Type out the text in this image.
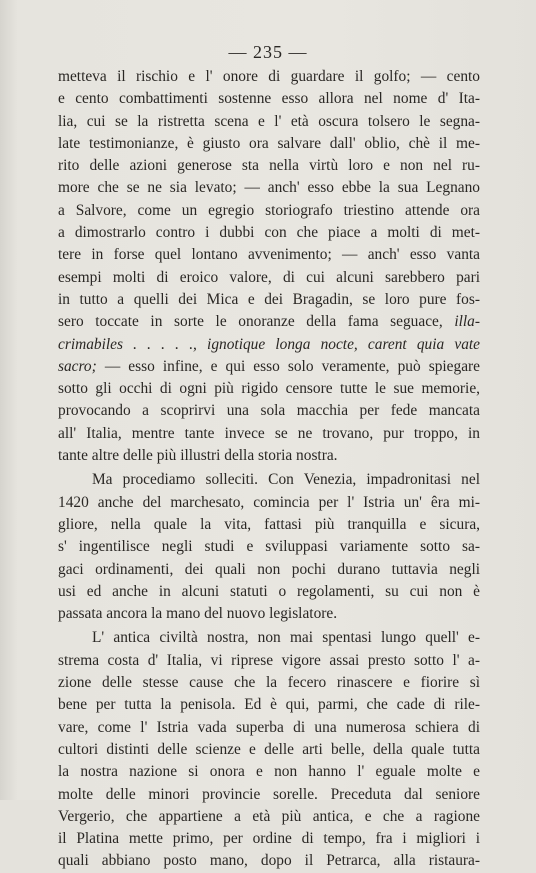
— 235 —
metteva il rischio e l' onore di guardare il golfo; — cento
e cento combattimenti sostenne esso allora nel nome d' Ita-
lia, cui se la ristretta scena e l' età oscura tolsero le segna-
late testimonianze, è giusto ora salvare dall' oblio, chè il me-
rito delle azioni generose sta nella virtù loro e non nel ru-
more che se ne sia levato; — anch' esso ebbe la sua Legnano
a Salvore, come un egregio storiografo triestino attende ora
a dimostrarlo contro i dubbi con che piace a molti di met-
tere in forse quel lontano avvenimento; — anch' esso vanta
esempi molti di eroico valore, di cui alcuni sarebbero pari
in tutto a quelli dei Mica e dei Bragadin, se loro pure fos-
sero toccate in sorte le onoranze della fama seguace, illa-
crimabiles . . . . ., ignotique longa nocte, carent quia vate
sacro; — esso infine, e qui esso solo veramente, può spiegare
sotto gli occhi di ogni più rigido censore tutte le sue memorie,
provocando a scoprirvi una sola macchia per fede mancata
all' Italia, mentre tante invece se ne trovano, pur troppo, in
tante altre delle più illustri della storia nostra.
Ma procediamo solleciti. Con Venezia, impadronitasi nel
1420 anche del marchesato, comincia per l' Istria un' êra mi-
gliore, nella quale la vita, fattasi più tranquilla e sicura,
s' ingentilisce negli studi e sviluppasi variamente sotto sa-
gaci ordinamenti, dei quali non pochi durano tuttavia negli
usi ed anche in alcuni statuti o regolamenti, su cui non è
passata ancora la mano del nuovo legislatore.
L' antica civiltà nostra, non mai spentasi lungo quell' e-
strema costa d' Italia, vi riprese vigore assai presto sotto l' a-
zione delle stesse cause che la fecero rinascere e fiorire sì
bene per tutta la penisola. Ed è qui, parmi, che cade di rile-
vare, come l' Istria vada superba di una numerosa schiera di
cultori distinti delle scienze e delle arti belle, della quale tutta
la nostra nazione si onora e non hanno l' eguale molte e
molte delle minori provincie sorelle. Preceduta dal seniore
Vergerio, che appartiene a età più antica, e che a ragione
il Platina mette primo, per ordine di tempo, fra i migliori i
quali abbiano posto mano, dopo il Petrarca, alla ristaura-
